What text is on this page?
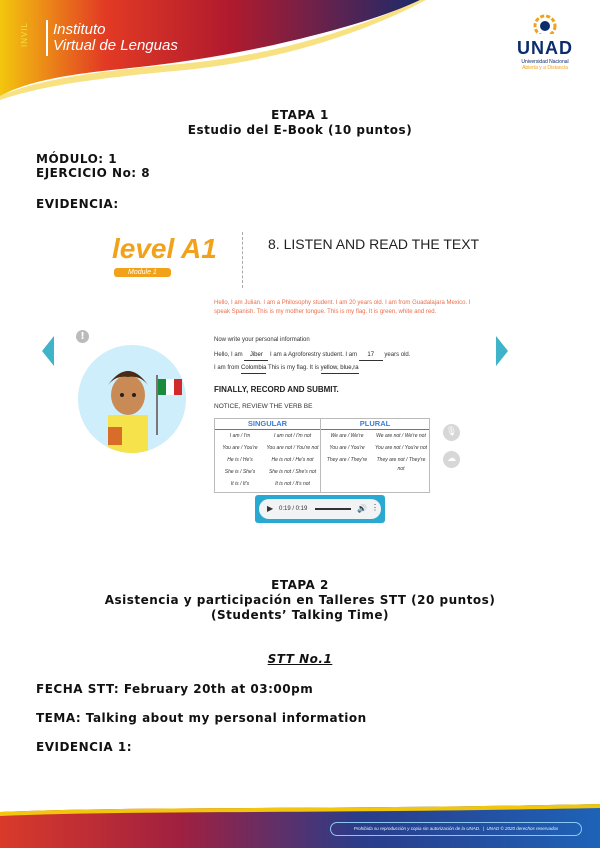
INVIL Instituto
Virtual de Lenguas	UNAD
Universidad Nacional
Abierta y a Distancia
ETAPA 1
Estudio del E-Book (10 puntos)
MÓDULO: 1
EJERCICIO No: 8
EVIDENCIA:
level A1
Module 1
8. LISTEN AND READ THE TEXT
Hello, I am Julian. I am a Philosophy student. I am 20 years old. I am from Guadalajara Mexico. I speak Spanish. This is my mother tongue. This is my flag. It is green, white and red.
Now write your personal information
Hello, I am Jiber I am a Agroforestry student. I am 17 years old.
I am from Colombia This is my flag. It is yellow, blue,ra
FINALLY, RECORD AND SUBMIT.
NOTICE, REVIEW THE VERB BE
SINGULAR	PLURAL
I am / I'm	I am not / I'm not	We are / We're	We are not / We're not
You are / You're	You are not / You're not	You are / You're	You are not / You're not
He is / He's	He is not / He's not	They are / They're	They are not / They're not
She is / She's	She is not / She's not
It is / It's	It is not / It's not
!
🎙
☁
▶ 0:19 / 0:19	🔊 ⋮
ETAPA 2
Asistencia y participación en Talleres STT (20 puntos)
(Students’ Talking Time)
STT No.1
FECHA STT: February 20th at 03:00pm
TEMA: Talking about my personal information
EVIDENCIA 1:
Prohibida su reproducción y copia sin autorización de la UNAD.  |  UNAD © 2020 derechos reservados
